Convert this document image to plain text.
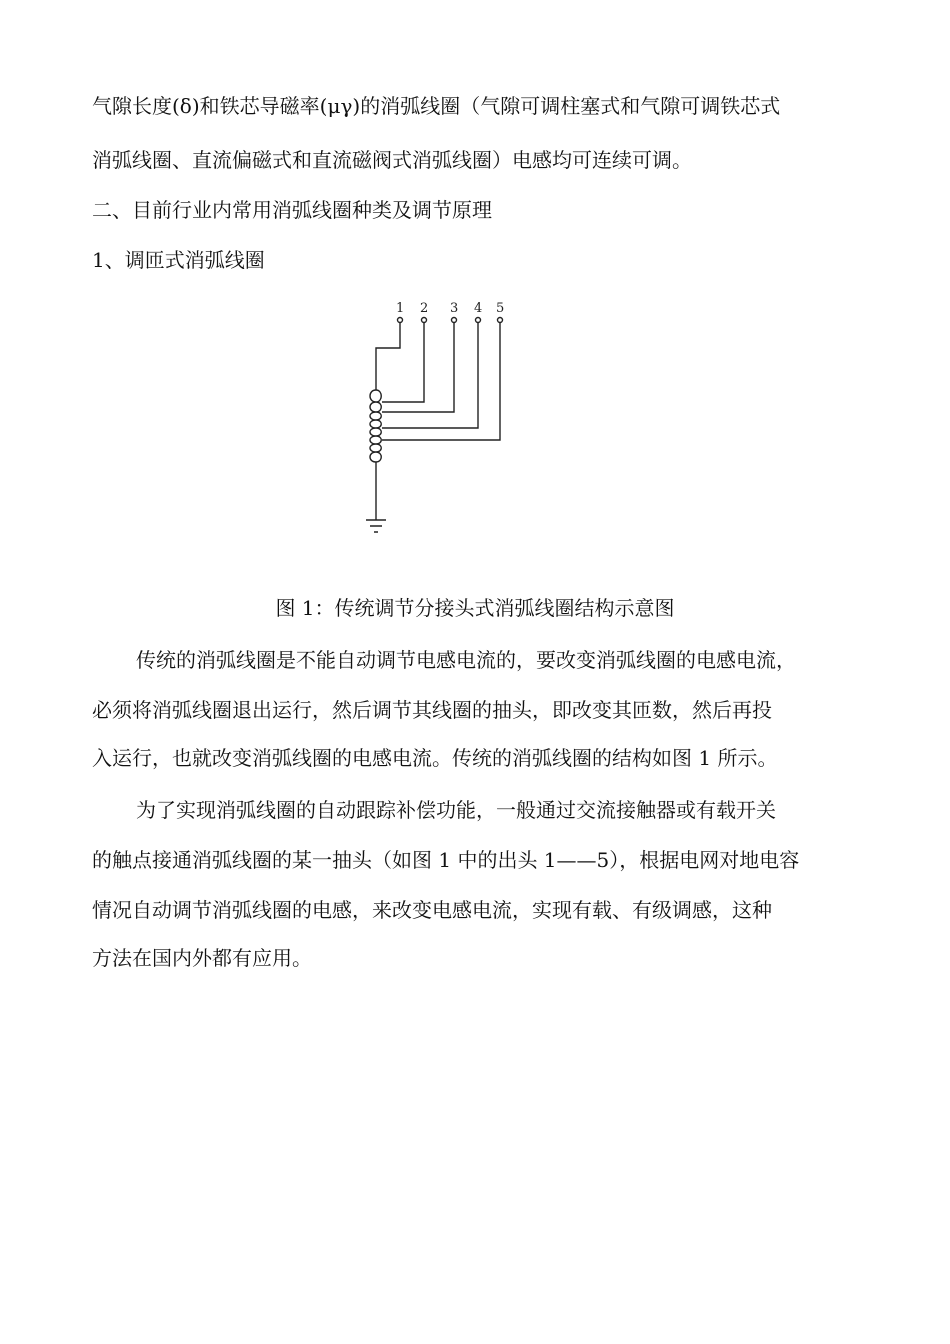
气隙长度(δ)和铁芯导磁率(μγ)的消弧线圈（气隙可调柱塞式和气隙可调铁芯式
消弧线圈、直流偏磁式和直流磁阀式消弧线圈）电感均可连续可调。
二、目前行业内常用消弧线圈种类及调节原理
1、调匝式消弧线圈
1 2 3 4 5
图 1：传统调节分接头式消弧线圈结构示意图
传统的消弧线圈是不能自动调节电感电流的，要改变消弧线圈的电感电流，
必须将消弧线圈退出运行，然后调节其线圈的抽头，即改变其匝数，然后再投
入运行，也就改变消弧线圈的电感电流。传统的消弧线圈的结构如图 1 所示。
为了实现消弧线圈的自动跟踪补偿功能，一般通过交流接触器或有载开关
的触点接通消弧线圈的某一抽头（如图 1 中的出头 1——5），根据电网对地电容
情况自动调节消弧线圈的电感，来改变电感电流，实现有载、有级调感，这种
方法在国内外都有应用。
